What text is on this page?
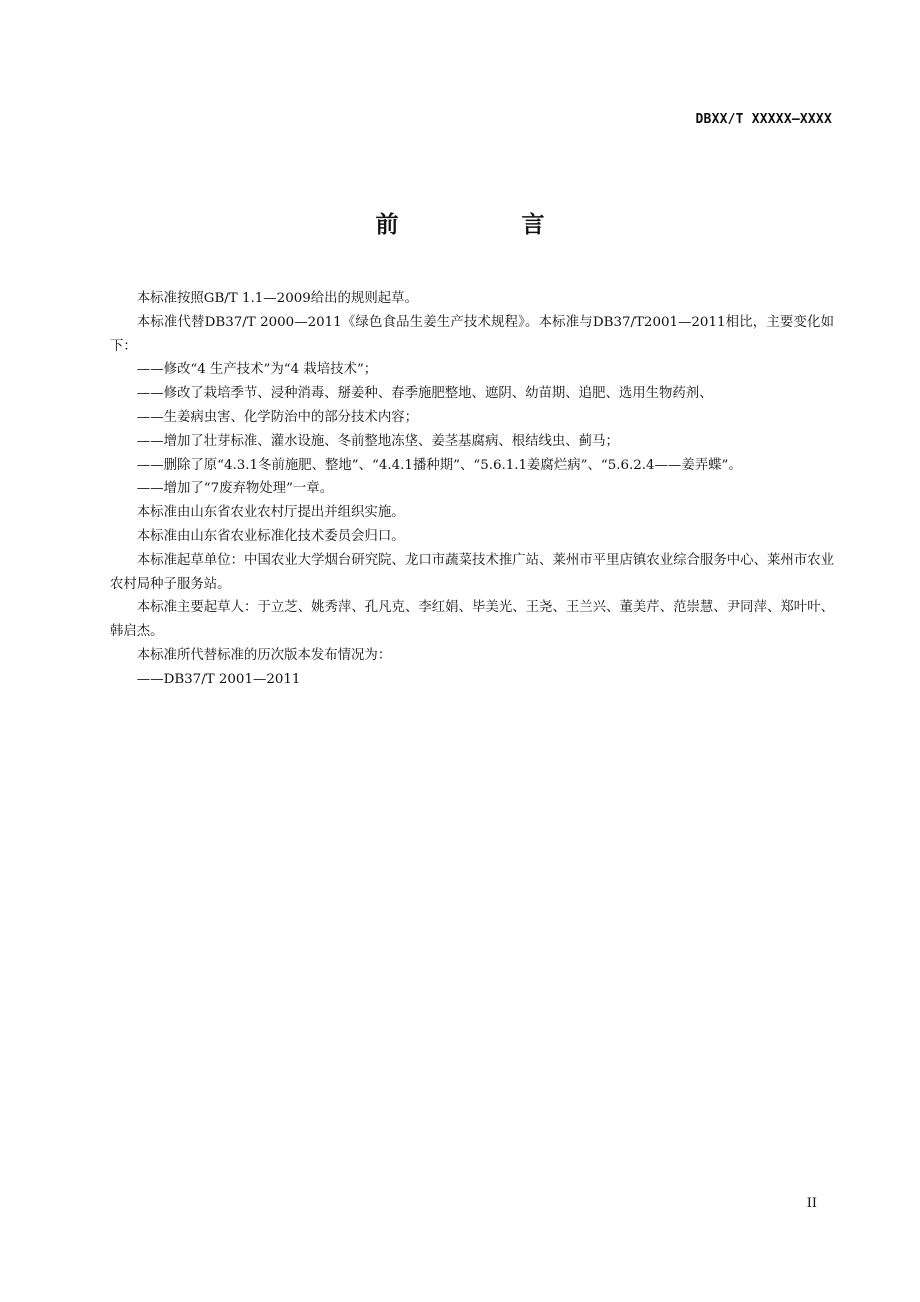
DBXX/T XXXXX—XXXX
前　言

本标准按照GB/T 1.1—2009给出的规则起草。

本标准代替DB37/T 2000—2011《绿色食品生姜生产技术规程》。本标准与DB37/T2001—2011相比，主要变化如下：

——修改“4 生产技术”为“4 栽培技术”；

——修改了栽培季节、浸种消毒、掰姜种、春季施肥整地、遮阴、幼苗期、追肥、选用生物药剂、

——生姜病虫害、化学防治中的部分技术内容；

——增加了壮芽标准、灌水设施、冬前整地冻垡、姜茎基腐病、根结线虫、蓟马；

——删除了原“4.3.1冬前施肥、整地”、“4.4.1播种期”、“5.6.1.1姜腐烂病”、“5.6.2.4——姜弄蝶”。

——增加了“7废弃物处理”一章。

本标准由山东省农业农村厅提出并组织实施。

本标准由山东省农业标准化技术委员会归口。

本标准起草单位：中国农业大学烟台研究院、龙口市蔬菜技术推广站、莱州市平里店镇农业综合服务中心、莱州市农业农村局种子服务站。

本标准主要起草人：于立芝、姚秀萍、孔凡克、李红娟、毕美光、王尧、王兰兴、董美芹、范崇慧、尹同萍、郑叶叶、韩启杰。

本标准所代替标准的历次版本发布情况为：

——DB37/T 2001—2011

II
